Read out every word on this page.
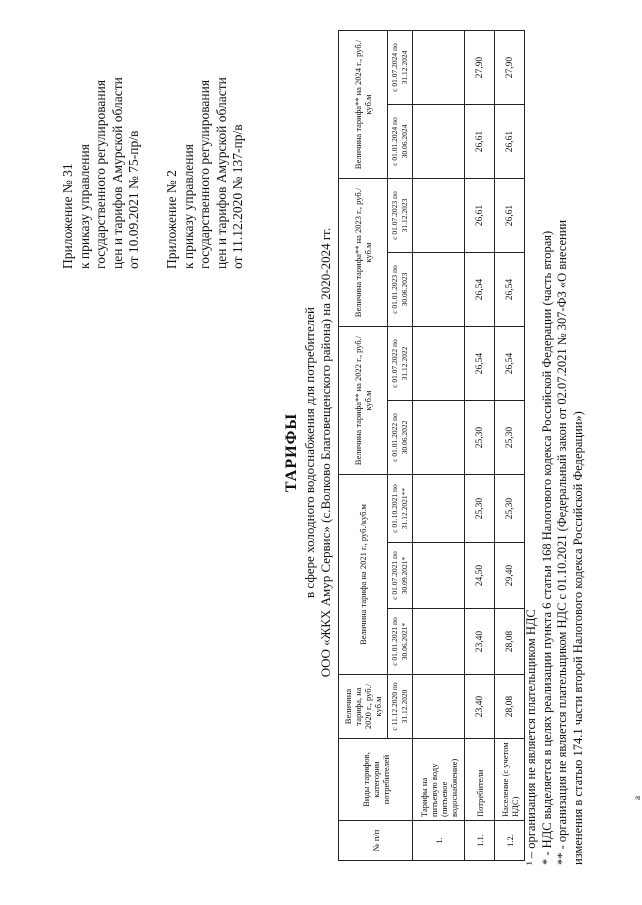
Приложение № 31 к приказу управления государственного регулирования цен и тарифов Амурской области от 10.09.2021 № 75-пр/в Приложение № 2 к приказу управления государственного регулирования цен и тарифов Амурской области от 11.12.2020 № 137-пр/в
ТАРИФЫ в сфере холодного водоснабжения для потребителей ООО «ЖКХ Амур Сервис» (с.Волково Благовещенского района) на 2020-2024 гг.
№ п/п	Виды тарифов, категории потребителей	Величина тарифа, на 2020 г., руб./куб.м	Величина тарифа на 2021 г., руб./куб.м			Величина тарифа** на 2022 г., руб./куб.м		Величина тарифа** на 2023 г., руб./куб.м		Величина тарифа** на 2024 г., руб./куб.м	
		с 11.12.2020 по 31.12.2020	с 01.01.2021 по 30.06.2021*	с 01.07.2021 по 30.09.2021*	с 01.10.2021 по 31.12.2021**	с 01.01.2022 по 30.06.2022	с 01.07.2022 по 31.12.2022	с 01.01.2023 по 30.06.2023	с 01.07.2023 по 31.12.2023	с 01.01.2024 по 30.06.2024	с 01.07.2024 по 31.12.2024
1.	Тарифы на питьевую воду (питьевое водоснабжение)										
1.1.	Потребители	23,40	23,40	24,50	25,30	25,30	26,54	26,54	26,61	26,61	27,90
1.2.	Население (с учетом НДС)	28,08	28,08	29,40	25,30	25,30	26,54	26,54	26,61	26,61	27,90
¹ – организация не является плательщиком НДС * - НДС выделяется в целях реализации пункта 6 статьи 168 Налогового кодекса Российской Федерации (часть вторая) ** - организация не является плательщиком НДС с 01.10.2021 (Федеральный закон от 02.07.2021 № 307-ФЗ «О внесении изменения в статью 174.1 части второй Налогового кодекса Российской Федерации»)	а
